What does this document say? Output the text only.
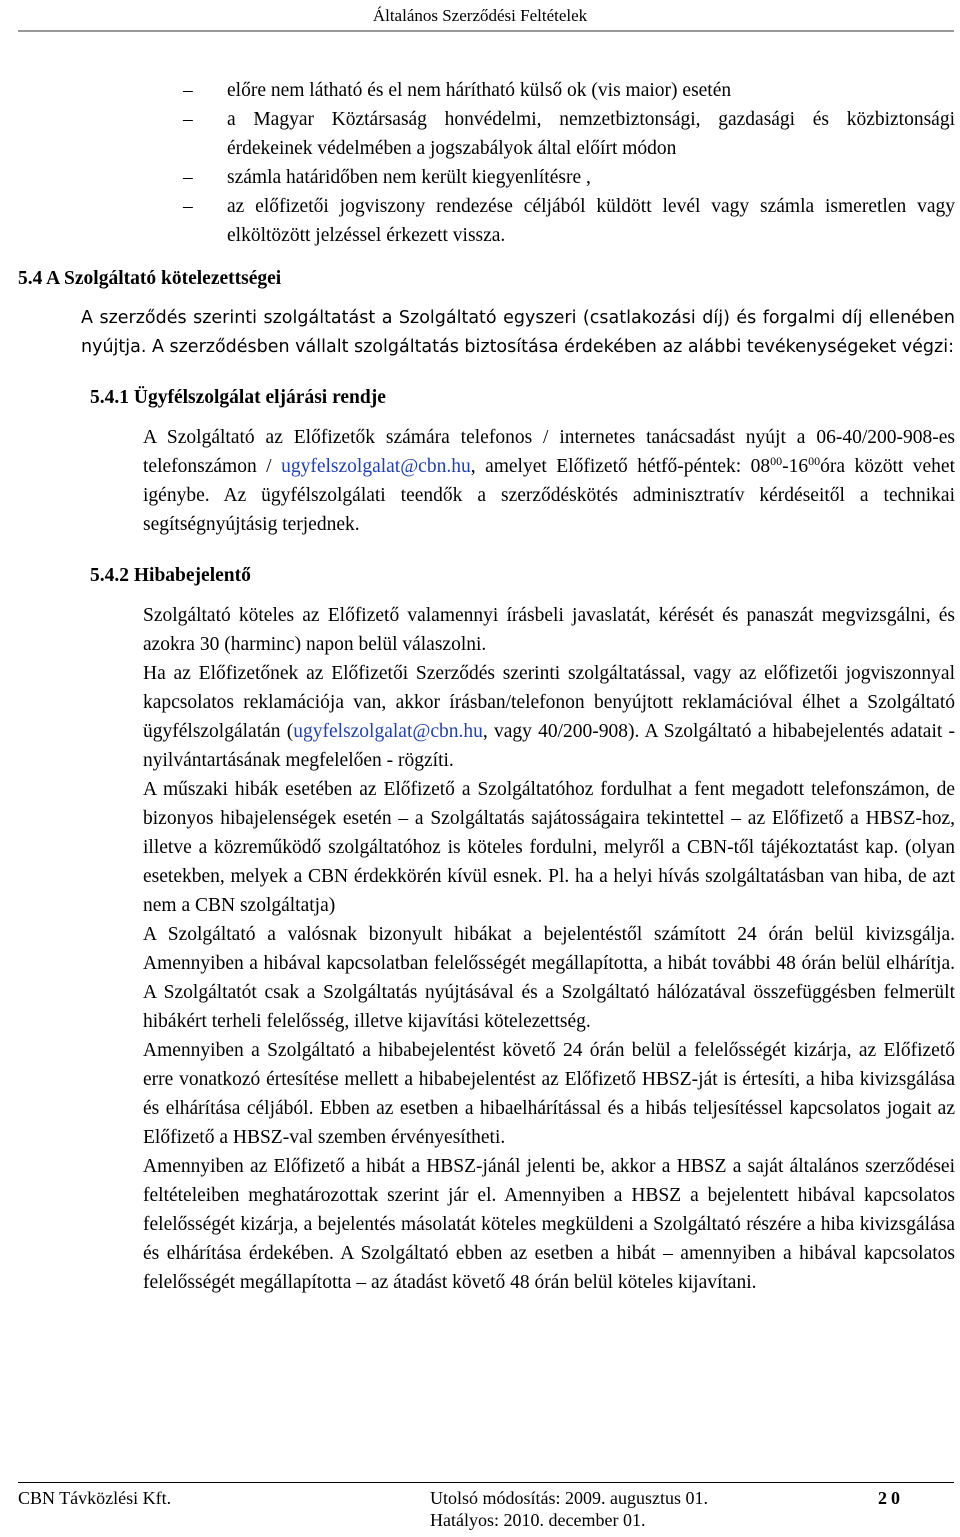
Általános Szerződési Feltételek
– előre nem látható és el nem hárítható külső ok (vis maior) esetén
– a Magyar Köztársaság honvédelmi, nemzetbiztonsági, gazdasági és közbiztonsági érdekeinek védelmében a jogszabályok által előírt módon
– számla határidőben nem került kiegyenlítésre ,
– az előfizetői jogviszony rendezése céljából küldött levél vagy számla ismeretlen vagy elköltözött jelzéssel érkezett vissza.
5.4 A Szolgáltató kötelezettségei
A szerződés szerinti szolgáltatást a Szolgáltató egyszeri (csatlakozási díj) és forgalmi díj ellenében nyújtja. A szerződésben vállalt szolgáltatás biztosítása érdekében az alábbi tevékenységeket végzi:
5.4.1 Ügyfélszolgálat eljárási rendje
A Szolgáltató az Előfizetők számára telefonos / internetes tanácsadást nyújt a 06-40/200-908-es telefonszámon / ugyfelszolgalat@cbn.hu, amelyet Előfizető hétfő-péntek: $08^{00}-16^{00}óra$ között vehet igénybe. Az ügyfélszolgálati teendők a szerződéskötés adminisztratív kérdéseitől a technikai segítségnyújtásig terjednek.
5.4.2 Hibabejelentő
Szolgáltató köteles az Előfizető valamennyi írásbeli javaslatát, kérését és panaszát megvizsgálni, és azokra 30 (harminc) napon belül válaszolni.
Ha az Előfizetőnek az Előfizetői Szerződés szerinti szolgáltatással, vagy az előfizetői jogviszonnyal kapcsolatos reklamációja van, akkor írásban/telefonon benyújtott reklamációval élhet a Szolgáltató ügyfélszolgálatán (ugyfelszolgalat@cbn.hu, vagy 40/200-908). A Szolgáltató a hibabejelentés adatait - nyilvántartásának megfelelően - rögzíti.
A műszaki hibák esetében az Előfizető a Szolgáltatóhoz fordulhat a fent megadott telefonszámon, de bizonyos hibajelenségek esetén – a Szolgáltatás sajátosságaira tekintettel – az Előfizető a HBSZ-hoz, illetve a közreműködő szolgáltatóhoz is köteles fordulni, melyről a CBN-től tájékoztatást kap. (olyan esetekben, melyek a CBN érdekkörén kívül esnek. Pl. ha a helyi hívás szolgáltatásban van hiba, de azt nem a CBN szolgáltatja)
A Szolgáltató a valósnak bizonyult hibákat a bejelentéstől számított 24 órán belül kivizsgálja. Amennyiben a hibával kapcsolatban felelősségét megállapította, a hibát további 48 órán belül elhárítja. A Szolgáltatót csak a Szolgáltatás nyújtásával és a Szolgáltató hálózatával összefüggésben felmerült hibákért terheli felelősség, illetve kijavítási kötelezettség.
Amennyiben a Szolgáltató a hibabejelentést követő 24 órán belül a felelősségét kizárja, az Előfizető erre vonatkozó értesítése mellett a hibabejelentést az Előfizető HBSZ-ját is értesíti, a hiba kivizsgálása és elhárítása céljából. Ebben az esetben a hibaelhárítással és a hibás teljesítéssel kapcsolatos jogait az Előfizető a HBSZ-val szemben érvényesítheti.
Amennyiben az Előfizető a hibát a HBSZ-jánál jelenti be, akkor a HBSZ a saját általános szerződései feltételeiben meghatározottak szerint jár el. Amennyiben a HBSZ a bejelentett hibával kapcsolatos felelősségét kizárja, a bejelentés másolatát köteles megküldeni a Szolgáltató részére a hiba kivizsgálása és elhárítása érdekében. A Szolgáltató ebben az esetben a hibát – amennyiben a hibával kapcsolatos felelősségét megállapította – az átadást követő 48 órán belül köteles kijavítani.
CBN Távközlési Kft.	Utolsó módosítás: 2009. augusztus 01.	20
Hatályos: 2010. december 01.
